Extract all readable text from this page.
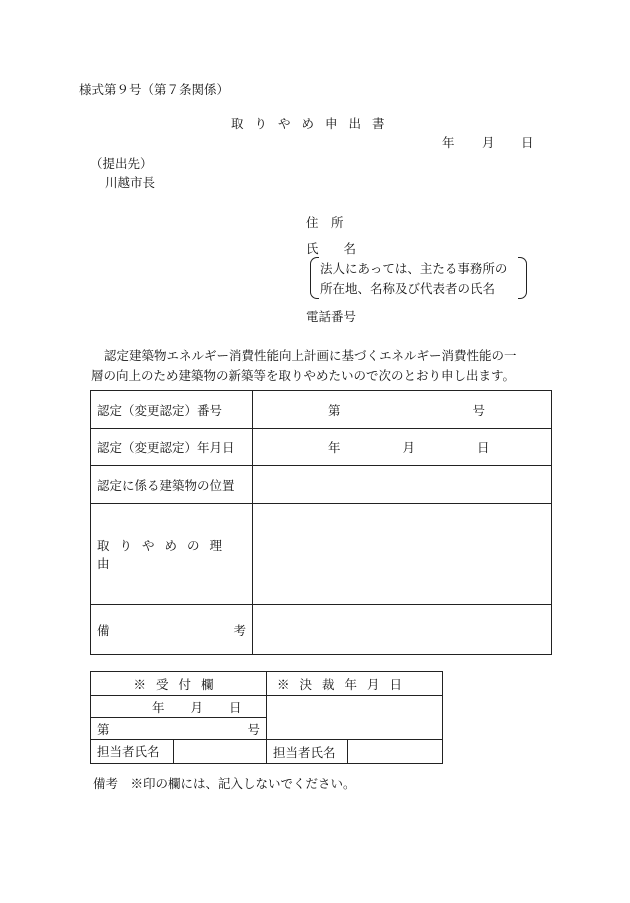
様式第９号（第７条関係）
取りやめ申出書
年 月 日
（提出先）
川越市長
住　所
氏　　名
法人にあっては、主たる事務所の
所在地、名称及び代表者の氏名
電話番号
認定建築物エネルギー消費性能向上計画に基づくエネルギー消費性能の一
層の向上のため建築物の新築等を取りやめたいので次のとおり申し出ます。
認定（変更認定）番号	第 号
認定（変更認定）年月日	年 月 日
認定に係る建築物の位置	
取りやめの理由	
備 考	

※受付欄	※決裁年月日	
年 月 日		
第 号		

担当者氏名	担当者氏名	
備考　※印の欄には、記入しないでください。
